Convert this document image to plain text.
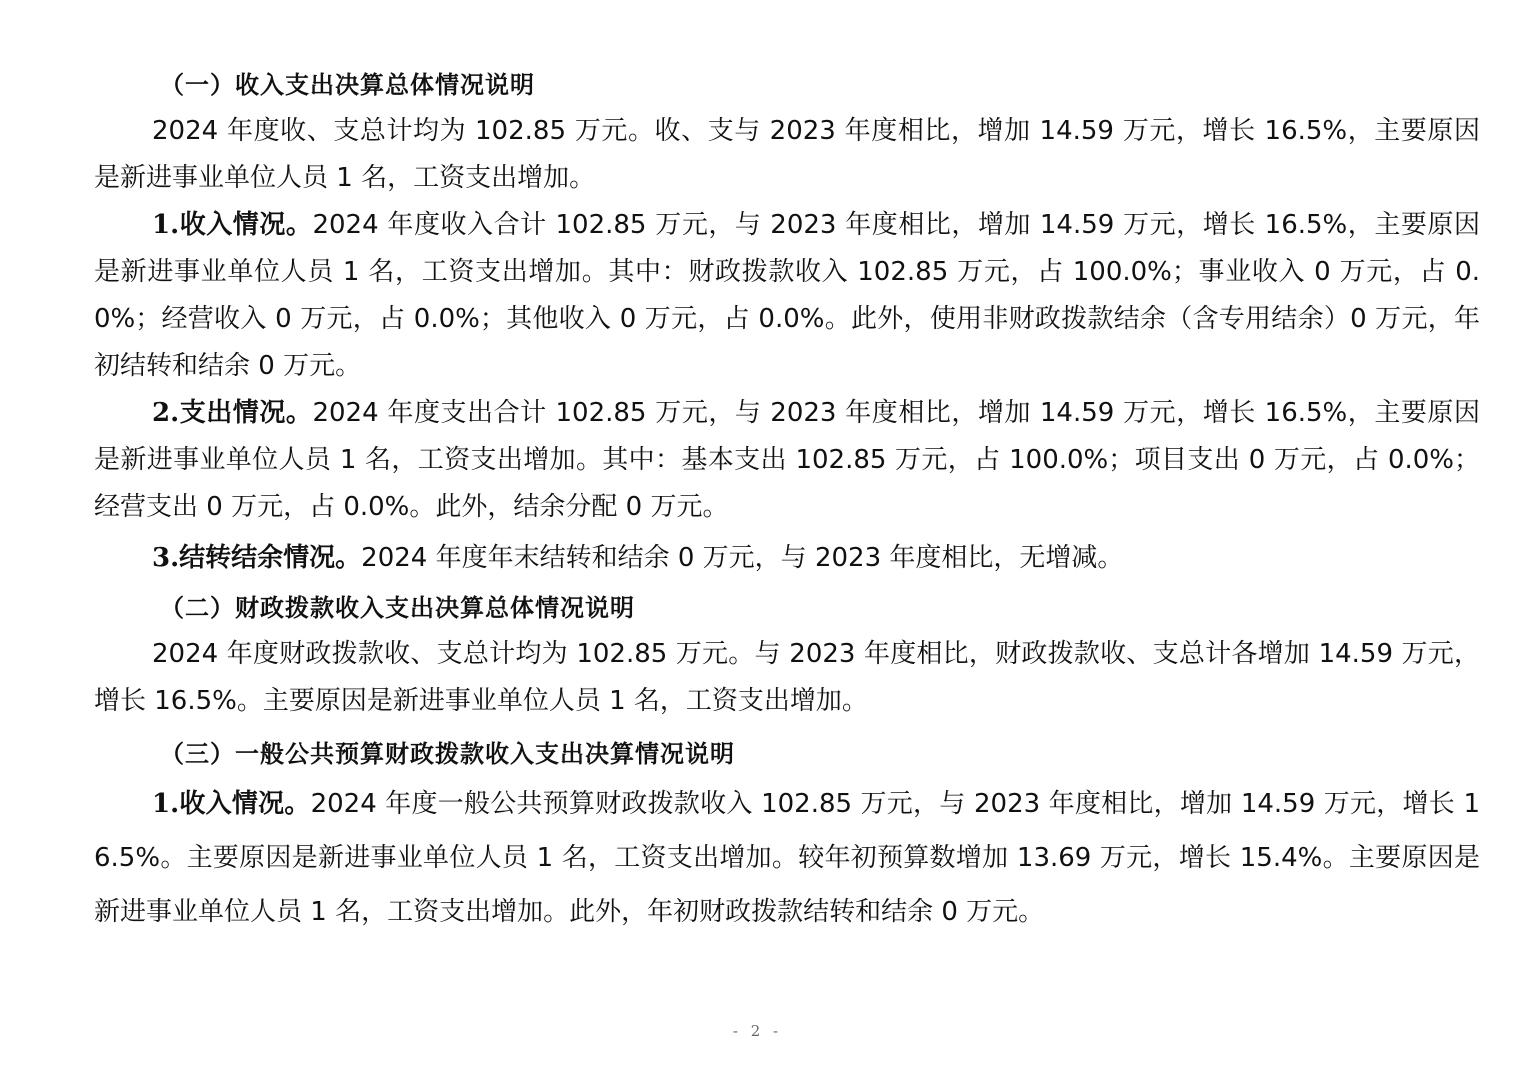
（一）收入支出决算总体情况说明

2024 年度收、支总计均为 102.85 万元。收、支与 2023 年度相比，增加 14.59 万元，增长 16.5%，主要原因是新进事业单位人员 1 名，工资支出增加。

1.收入情况。2024 年度收入合计 102.85 万元，与 2023 年度相比，增加 14.59 万元，增长 16.5%，主要原因是新进事业单位人员 1 名，工资支出增加。其中：财政拨款收入 102.85 万元，占 100.0%；事业收入 0 万元，占 0.0%；经营收入 0 万元，占 0.0%；其他收入 0 万元，占 0.0%。此外，使用非财政拨款结余（含专用结余）0 万元，年初结转和结余 0 万元。

2.支出情况。2024 年度支出合计 102.85 万元，与 2023 年度相比，增加 14.59 万元，增长 16.5%，主要原因是新进事业单位人员 1 名，工资支出增加。其中：基本支出 102.85 万元，占 100.0%；项目支出 0 万元，占 0.0%；经营支出 0 万元，占 0.0%。此外，结余分配 0 万元。

3.结转结余情况。2024 年度年末结转和结余 0 万元，与 2023 年度相比，无增减。

（二）财政拨款收入支出决算总体情况说明

2024 年度财政拨款收、支总计均为 102.85 万元。与 2023 年度相比，财政拨款收、支总计各增加 14.59 万元，增长 16.5%。主要原因是新进事业单位人员 1 名，工资支出增加。

（三）一般公共预算财政拨款收入支出决算情况说明

1.收入情况。2024 年度一般公共预算财政拨款收入 102.85 万元，与 2023 年度相比，增加 14.59 万元，增长 16.5%。主要原因是新进事业单位人员 1 名，工资支出增加。较年初预算数增加 13.69 万元，增长 15.4%。主要原因是新进事业单位人员 1 名，工资支出增加。此外，年初财政拨款结转和结余 0 万元。

- 2 -
